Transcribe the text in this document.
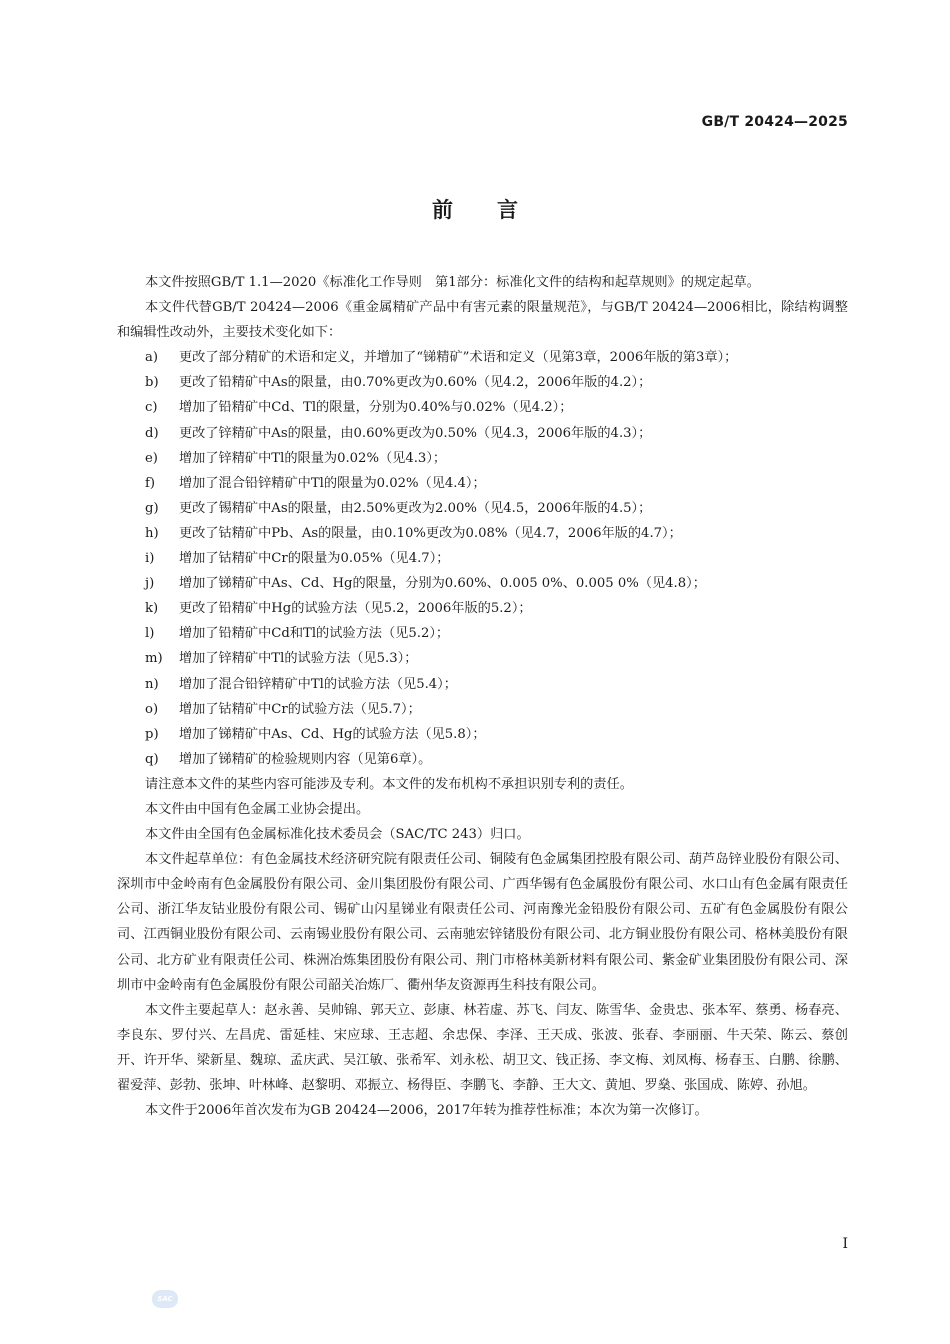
GB/T 20424—2025
前言

本文件按照GB/T 1.1—2020《标准化工作导则　第1部分：标准化文件的结构和起草规则》的规定起草。

本文件代替GB/T 20424—2006《重金属精矿产品中有害元素的限量规范》，与GB/T 20424—2006相比，除结构调整和编辑性改动外，主要技术变化如下：

a)	更改了部分精矿的术语和定义，并增加了“锑精矿”术语和定义（见第3章，2006年版的第3章）；
b)	更改了铅精矿中As的限量，由0.70%更改为0.60%（见4.2，2006年版的4.2）；
c)	增加了铅精矿中Cd、Tl的限量，分别为0.40%与0.02%（见4.2）；
d)	更改了锌精矿中As的限量，由0.60%更改为0.50%（见4.3，2006年版的4.3）；
e)	增加了锌精矿中Tl的限量为0.02%（见4.3）；
f)	增加了混合铅锌精矿中Tl的限量为0.02%（见4.4）；
g)	更改了锡精矿中As的限量，由2.50%更改为2.00%（见4.5，2006年版的4.5）；
h)	更改了钴精矿中Pb、As的限量，由0.10%更改为0.08%（见4.7，2006年版的4.7）；
i)	增加了钴精矿中Cr的限量为0.05%（见4.7）；
j)	增加了锑精矿中As、Cd、Hg的限量，分别为0.60%、0.005 0%、0.005 0%（见4.8）；
k)	更改了铅精矿中Hg的试验方法（见5.2，2006年版的5.2）；
l)	增加了铅精矿中Cd和Tl的试验方法（见5.2）；
m)	增加了锌精矿中Tl的试验方法（见5.3）；
n)	增加了混合铅锌精矿中Tl的试验方法（见5.4）；
o)	增加了钴精矿中Cr的试验方法（见5.7）；
p)	增加了锑精矿中As、Cd、Hg的试验方法（见5.8）；
q)	增加了锑精矿的检验规则内容（见第6章）。

请注意本文件的某些内容可能涉及专利。本文件的发布机构不承担识别专利的责任。

本文件由中国有色金属工业协会提出。

本文件由全国有色金属标准化技术委员会（SAC/TC 243）归口。

本文件起草单位：有色金属技术经济研究院有限责任公司、铜陵有色金属集团控股有限公司、葫芦岛锌业股份有限公司、深圳市中金岭南有色金属股份有限公司、金川集团股份有限公司、广西华锡有色金属股份有限公司、水口山有色金属有限责任公司、浙江华友钴业股份有限公司、锡矿山闪星锑业有限责任公司、河南豫光金铅股份有限公司、五矿有色金属股份有限公司、江西铜业股份有限公司、云南锡业股份有限公司、云南驰宏锌锗股份有限公司、北方铜业股份有限公司、格林美股份有限公司、北方矿业有限责任公司、株洲冶炼集团股份有限公司、荆门市格林美新材料有限公司、紫金矿业集团股份有限公司、深圳市中金岭南有色金属股份有限公司韶关冶炼厂、衢州华友资源再生科技有限公司。

本文件主要起草人：赵永善、吴帅锦、郭天立、彭康、林若虚、苏飞、闫友、陈雪华、金贵忠、张本军、蔡勇、杨春亮、李良东、罗付兴、左昌虎、雷延桂、宋应球、王志超、余忠保、李泽、王天成、张波、张春、李丽丽、牛天荣、陈云、蔡创开、许开华、梁新星、魏琼、孟庆武、吴江敏、张希军、刘永松、胡卫文、钱正扬、李文梅、刘凤梅、杨春玉、白鹏、徐鹏、翟爱萍、彭勃、张坤、叶林峰、赵黎明、邓振立、杨得臣、李鹏飞、李静、王大文、黄旭、罗燊、张国成、陈婷、孙旭。

本文件于2006年首次发布为GB 20424—2006，2017年转为推荐性标准；本次为第一次修订。

I
SAC
